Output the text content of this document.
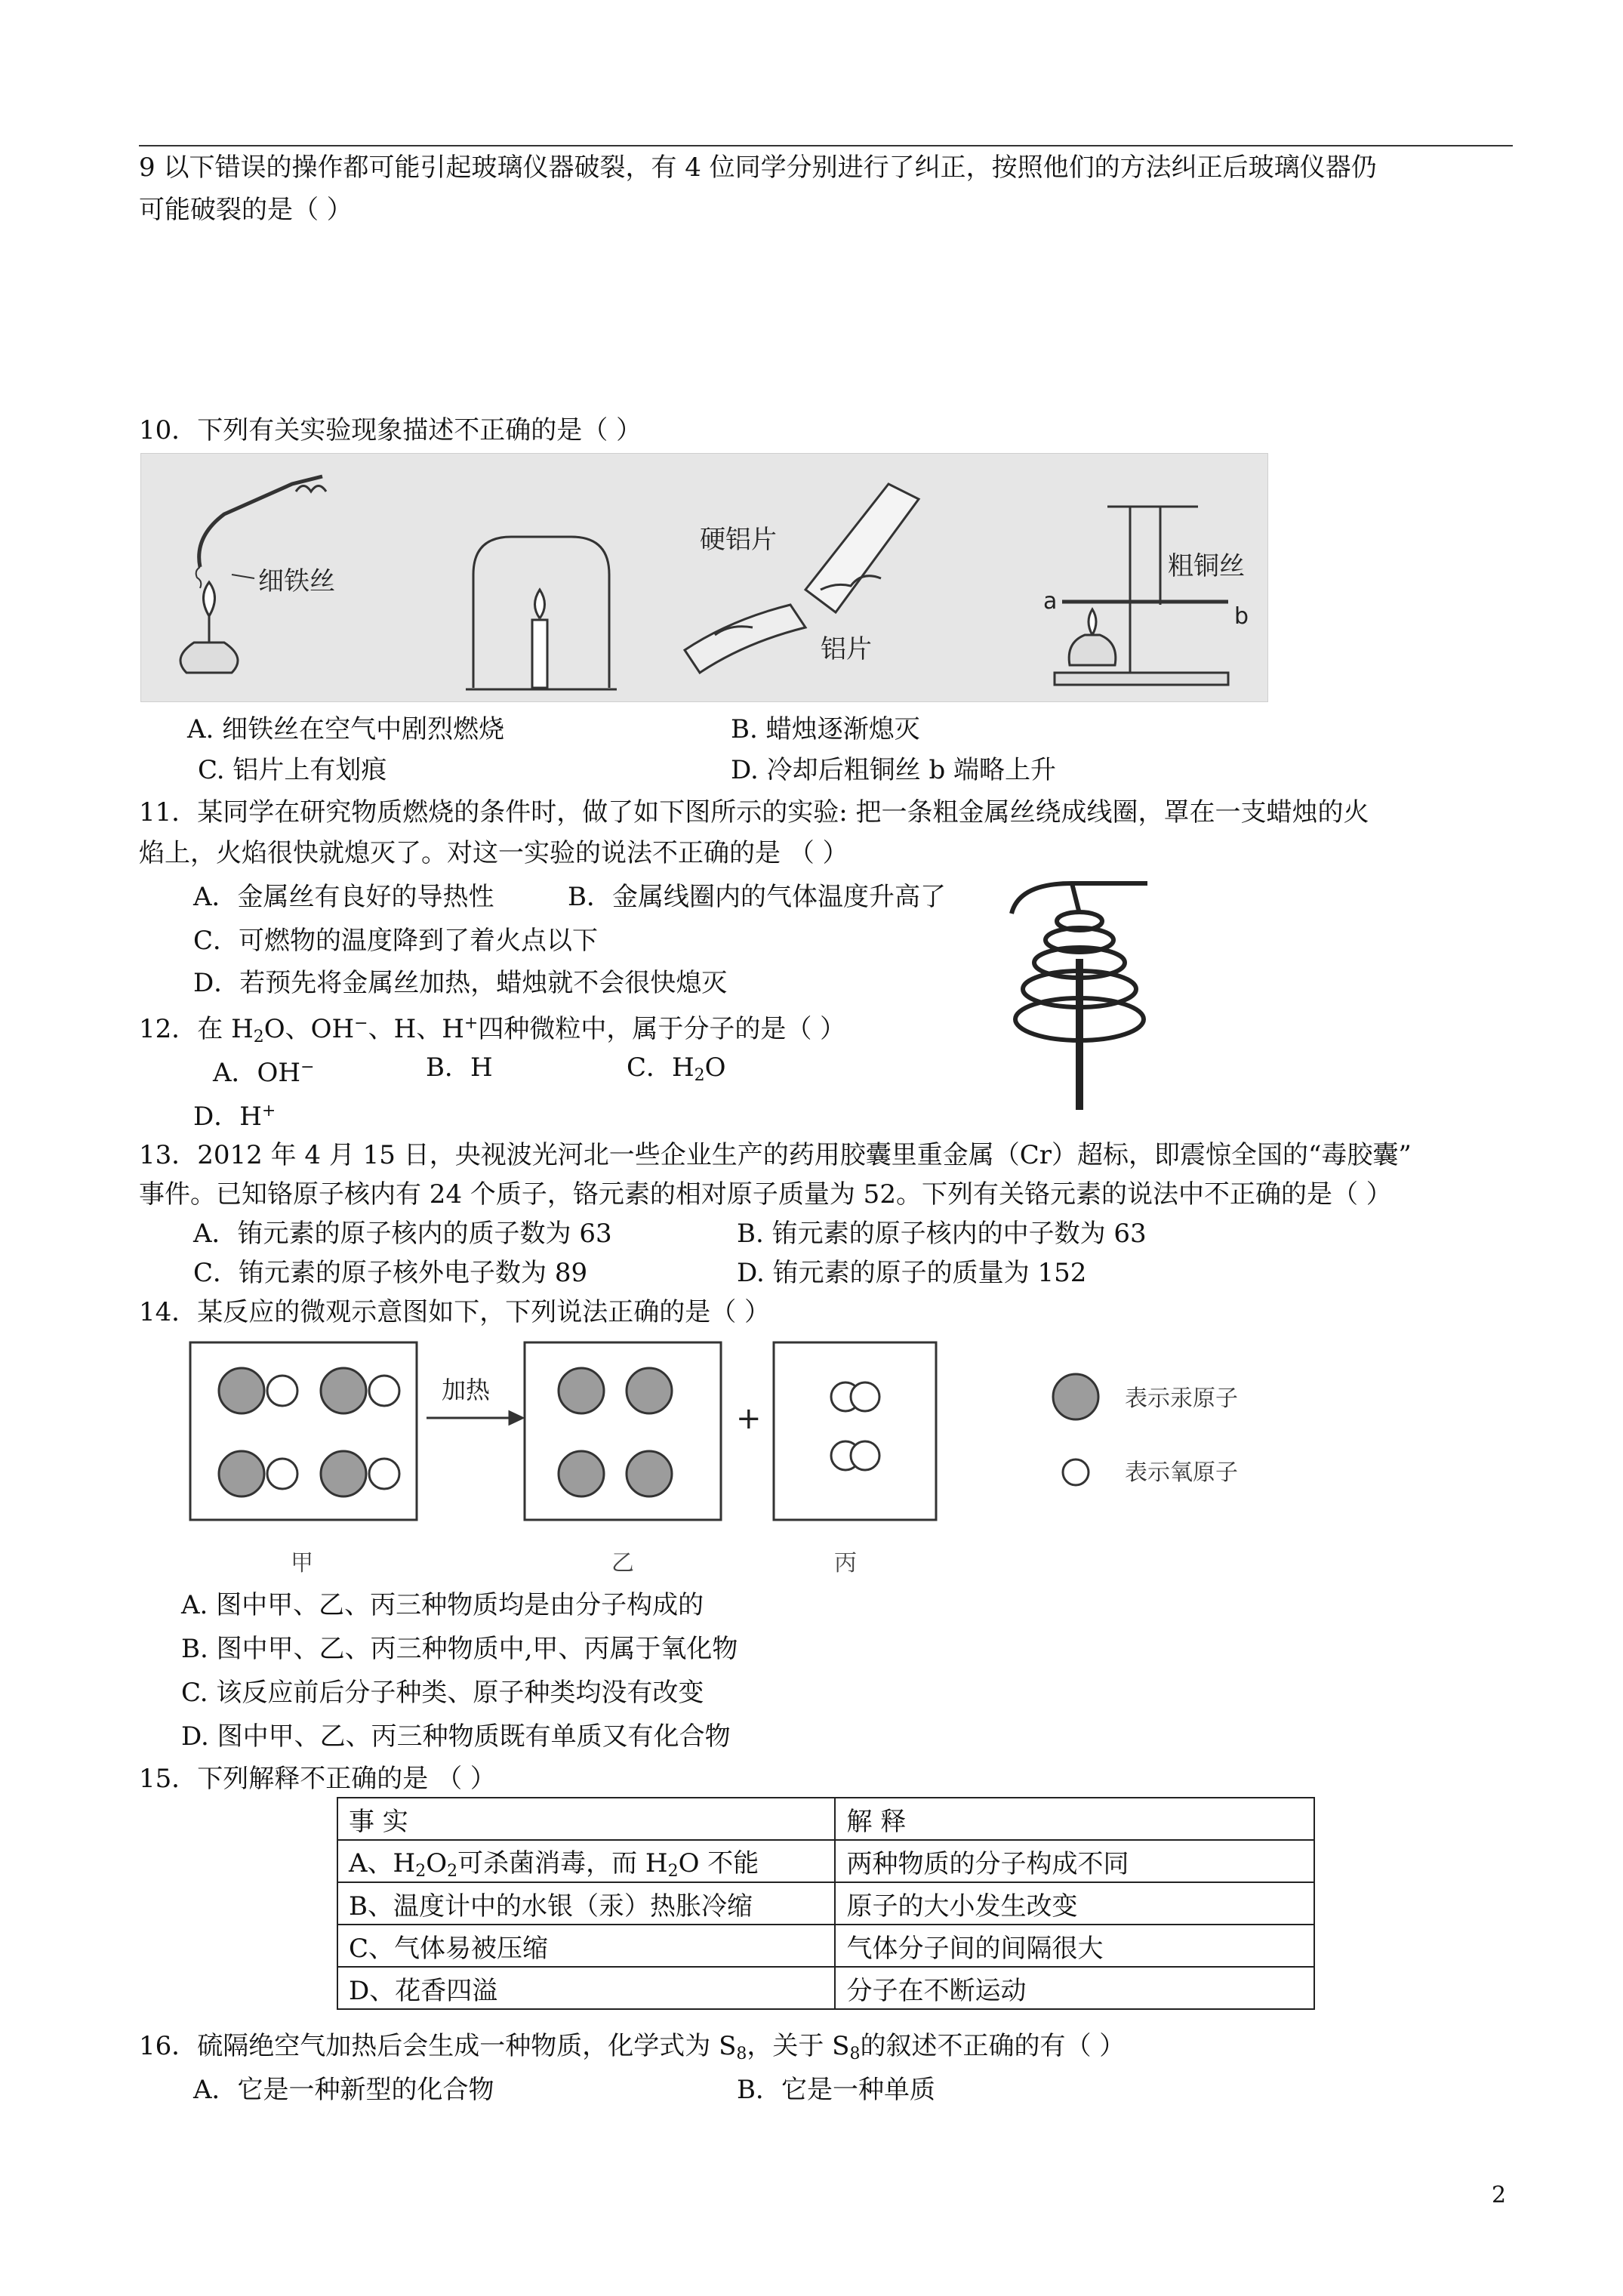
9 以下错误的操作都可能引起玻璃仪器破裂，有 4 位同学分别进行了纠正，按照他们的方法纠正后玻璃仪器仍
可能破裂的是（ ）
10．下列有关实验现象描述不正确的是（ ）
细铁丝
硬铝片
铝片
粗铜丝
a
b
A. 细铁丝在空气中剧烈燃烧	B. 蜡烛逐渐熄灭
C. 铝片上有划痕	D. 冷却后粗铜丝 b 端略上升
11．某同学在研究物质燃烧的条件时，做了如下图所示的实验: 把一条粗金属丝绕成线圈，罩在一支蜡烛的火
焰上，火焰很快就熄灭了。对这一实验的说法不正确的是 （ ）
A．金属丝有良好的导热性	B．金属线圈内的气体温度升高了
C．可燃物的温度降到了着火点以下
D．若预先将金属丝加热，蜡烛就不会很快熄灭
12．在 $H_2O$、OH−、H、H+四种微粒中，属于分子的是（ ）
A．OH−	B．H	C．$H_2O$
D．H+
13．2012 年 4 月 15 日，央视波光河北一些企业生产的药用胶囊里重金属（Cr）超标，即震惊全国的“毒胶囊”
事件。已知铬原子核内有 24 个质子，铬元素的相对原子质量为 52。下列有关铬元素的说法中不正确的是（ ）
A．铕元素的原子核内的质子数为 63	B. 铕元素的原子核内的中子数为 63
C．铕元素的原子核外电子数为 89	D. 铕元素的原子的质量为 152
14．某反应的微观示意图如下，下列说法正确的是（ ）
加热
+
甲	乙	丙
表示汞原子
表示氧原子
A. 图中甲、乙、丙三种物质均是由分子构成的
B. 图中甲、乙、丙三种物质中,甲、丙属于氧化物
C. 该反应前后分子种类、原子种类均没有改变
D. 图中甲、乙、丙三种物质既有单质又有化合物
15．下列解释不正确的是 （ ）
事 实	解 释
A、$H_2O_2$可杀菌消毒，而 $H_2O$ 不能	两种物质的分子构成不同
B、温度计中的水银（汞）热胀冷缩	原子的大小发生改变
C、气体易被压缩	气体分子间的间隔很大
D、花香四溢	分子在不断运动
16．硫隔绝空气加热后会生成一种物质，化学式为 $S_8$，关于 $S_8$的叙述不正确的有（ ）
A．它是一种新型的化合物	B．它是一种单质
2
